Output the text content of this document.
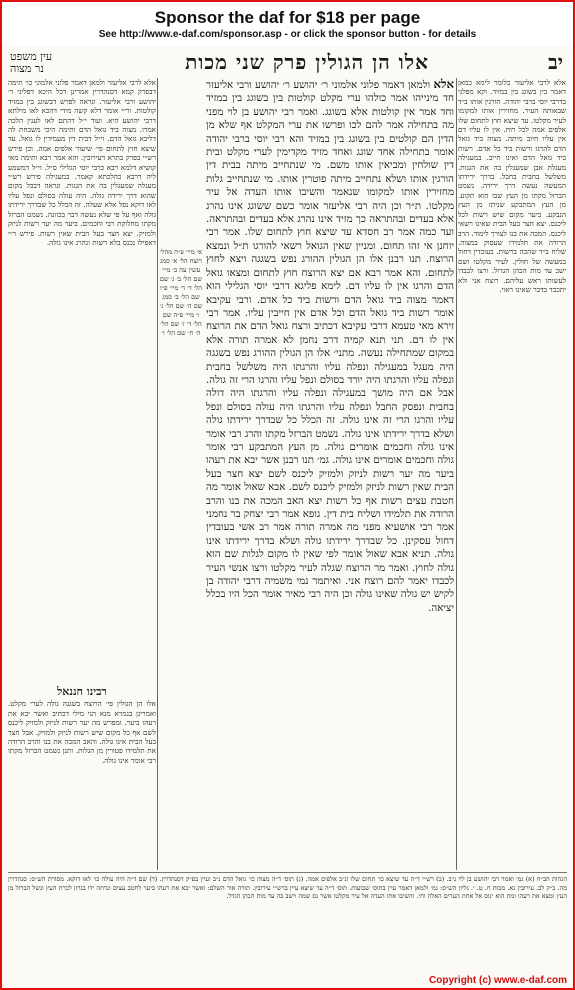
Sponsor the daf for $18 per page
See http://www.e-daf.com/sponsor.asp - or click the sponsor button - for details
יב
אלו הן הגולין פרק שני מכות
עין משפט
נר מצוה

אלא לרבי אליעזר ולמאן דאמר פלוני אלמוני כו׳ תימה דבפרק קמא דסנהדרין אמרינן דכל היכא דפליגי ר׳ יהושע ורבי אליעזר. ונראה לפרש דבשוגג בין במזיד קולטות. ור״י אומר דלא קשה מידי דהכא לאו מילתא דרבי יהושע היא. ועוד י״ל דהתם לאו לענין הלכה אמרו. מצוה ביד גואל הדם ותימה היכי משכחת לה דליכא גואל הדם. וי״ל דבית דין מעמידין לו גואל. עד שיצא חוץ לתחום פי׳ שיעור אלפים אמה. וכן פירש רש״י בפרק בתרא דעירובין. והא אמר רבא ותימה מאי קושיא דלמא רבא כרבי יוסי הגלילי ס״ל. וי״ל דמשמע ליה דרבא כהלכתא קאמר. במעגילה פירש רש״י מעגלה שמעגלין בה את הגגות. ונראה דבכל מקום שהוא דרך ירידה גולה. היה עולה בסולם ונפל עליו לאו דוקא נפל אלא שעלה. זה הכלל כל שבדרך ירידתו גולה ואף על פי שלא נעשה דבר בכוונה. נשמט הברזל מקתו מחלוקת רבי וחכמים. ביער מה יער רשות לניזק ולמזיק. יצא חצר בעל הבית שאין רשות. פירש ר״י דאפילו נכנס בלא רשות ונהרג אינו גולה.

רבינו חננאל

אלו הן הגולין פי׳ הרוצח בשגגה גולה לערי מקלט. ואמרינן בגמרא מנא הני מילי דכתיב ואשר יבא את רעהו ביער. ומפרש מה יער רשות לניזק ולמזיק ליכנס לשם אף כל מקום שיש רשות לניזק ולמזיק. אבל חצר בעל הבית אינו גולה. והאב המכה את בנו והרב הרודה את תלמידו פטורין מן הגלות. ותנן נשמט הברזל מקתו רבי אומר אינו גולה.

א׳ מיי׳ פ״ה מהל׳ רוצח הל׳ א׳ סמג עשין עה ב׳ מיי׳ שם הל׳ ב׳ ג׳ שם הל׳ ד׳ ד׳ מיי׳ פ״ו שם הל׳ ב׳ סמג שם ה׳ שם הל׳ ג׳ ו׳ מיי׳ פ״ה שם הל׳ ד׳ ז׳ שם הל׳ ה׳ ח׳ שם הל׳ ו׳

אלא ולמאן דאמר פלוני אלמוני ר׳ יהושע ר׳ יהושע ורבי אליעזר חד מינייהו אמר כולהו ערי מקלט קולטות בין בשוגג בין במזיד וחד אמר אין קולטות אלא בשוגג. ואמר רבי יהושע בן לוי מפני מה בתחילה אמר להם לכו ופרשו את ערי המקלט אף שלא מן הדין הם קולטים בין בשוגג בין במזיד והא רבי יוסי ברבי יהודה אומר בתחילה אחד שוגג ואחד מזיד מקדימין לערי מקלט ובית דין שולחין ומביאין אותו משם. מי שנתחייב מיתה בבית דין הורגין אותו ושלא נתחייב מיתה פוטרין אותו. מי שנתחייב גלות מחזירין אותו למקומו שנאמר והשיבו אותו העדה אל עיר מקלטו. ת״ר וכן היה רבי אליעזר אומר כשם ששוגג אינו נהרג אלא בעדים ובהתראה כך מזיד אינו נהרג אלא בעדים ובהתראה. ועד כמה אמר רב חסדא עד שיצא חוץ לתחום שלו. אמר רבי יוחנן אי זהו תחום. ומניין שאין הגואל רשאי להורגו ת״ל ונמצא הרוצח. תנו רבנן אלו הן הגולין ההורג נפש בשגגה ויצא לחוץ לתחום. והא אמר רבא אם יצא הרוצח חוץ לתחום ומצאו גואל הדם והרגו אין לו עליו דם. לימא פליגא דרבי יוסי הגלילי הוא דאמר מצוה ביד גואל הדם ורשות ביד כל אדם. ורבי עקיבא אומר רשות ביד גואל הדם וכל אדם אין חייבין עליו. אמר רבי זירא מאי טעמא דרבי עקיבא דכתיב ורצח גואל הדם את הרוצח אין לו דם. תני תנא קמיה דרב נחמן לא אמרה תורה אלא במקום שמתחילה נעשה. מתני׳ אלו הן הגולין ההורג נפש בשגגה היה מעגל במעגילה ונפלה עליו והרגתו היה משלשל בחבית ונפלה עליו והרגתו היה יורד בסולם ונפל עליו והרגו הרי זה גולה. אבל אם היה מושך במעגילה ונפלה עליו והרגתו היה דולה בחבית ונפסק החבל ונפלה עליו והרגתו היה עולה בסולם ונפל עליו והרגו הרי זה אינו גולה. זה הכלל כל שבדרך ירידתו גולה ושלא בדרך ירידתו אינו גולה. נשמט הברזל מקתו והרג רבי אומר אינו גולה וחכמים אומרים גולה. מן העץ המתבקע רבי אומר גולה וחכמים אומרים אינו גולה. גמ׳ תנו רבנן אשר יבא את רעהו ביער מה יער רשות לניזק ולמזיק ליכנס לשם יצא חצר בעל הבית שאין רשות לניזק ולמזיק ליכנס לשם. אבא שאול אומר מה חטבת עצים רשות אף כל רשות יצא האב המכה את בנו והרב הרודה את תלמידו ושליח בית דין. גופא אמר רבי יצחק בר נחמני אמר רבי אושעיא מפני מה אמרה תורה אמר רב אשי בעובדין דחול עסקינן. כל שבדרך ירידתו גולה ושלא בדרך ירידתו אינו גולה. תניא אבא שאול אומר לפי שאין לו מקום לגלות שם הוא גולה לחוץ. ואמר מר הרוצח שגלה לעיר מקלטו ורצו אנשי העיר לכבדו יאמר להם רוצח אני. ואיתמר נמי משמיה דרבי יהודה בן לקיש יש גולה שאינו גולה וכן היה רבי מאיר אומר הכל היו בכלל יציאה.

אלא לרבי אליעזר כלומר לימא כמאן דאמר בין בשוגג בין במזיד. וקא מפלגי בדרבי יוסי ברבי יהודה. הורגין אותו ב״ד שבאותה העיר. מחזירין אותו למקומו לעיר מקלטו. עד שיצא חוץ לתחום שלו אלפים אמה לכל רוח. אין לו עליו דם אין עליו חיוב מיתה. מצוה ביד גואל הדם להרגו ורשות ביד כל אדם. רשות ביד גואל הדם ואינו חייב. במעגילה מעגלת אבן שמעגלין בה את הגגות. משלשל בחבית בחבל. בדרך ירידתו המעשה נעשה דרך ירידה. נשמט הברזל מקתו מן העץ שבו הוא תקוע. מן העץ המתבקע שניתז מן העץ הנבקע. ביער מקום שיש רשות לכל ליכנס. יצא חצר בעל הבית שאינו רשאי ליכנס. המכה את בנו לצורך לימוד. הרב הרודה את תלמידו שעסוק במצוה. שליח ב״ד שהכה ברשות. בעובדין דחול במעשה של חולין. לעיר מקלטו ושם ישב עד מות הכהן הגדול. ורצו לכבדו לעשותו ראש עליהם. רוצח אני ולא יתכבד בדבר שאינו ראוי.

הגהות הב״ח (א) גמ׳ ואמר רבי יהושע בן לוי נ״ב. (ב) רש״י ד״ה עד שיצא כו׳ תחום שלו ונ״ב אלפים אמה. (ג) תוס׳ ד״ה מצוה כו׳ גואל הדם נ״ב ועיין בפ״ק דסנהדרין. (ד) שם ד״ה היה עולה כו׳ לאו דוקא. מסורת הש״ס: סנהדרין מה. ב״ק לב. עירובין נא. מכות ח. ט. י. גליון הש״ס: גמ׳ ולמאן דאמר עיין בתוס׳ שבועות. תוס׳ ד״ה עד שיצא עיין ברש״י עירובין. תורה אור השלם: ואשר יבא את רעהו ביער לחטב עצים ונדחה ידו בגרזן לכרת העץ ונשל הברזל מן העץ ומצא את רעהו ומת הוא ינוס אל אחת הערים האלה וחי. והשיבו אתו העדה אל עיר מקלטו אשר נס שמה וישב בה עד מות הכהן הגדל.

Copyright (c) www.e-daf.com
